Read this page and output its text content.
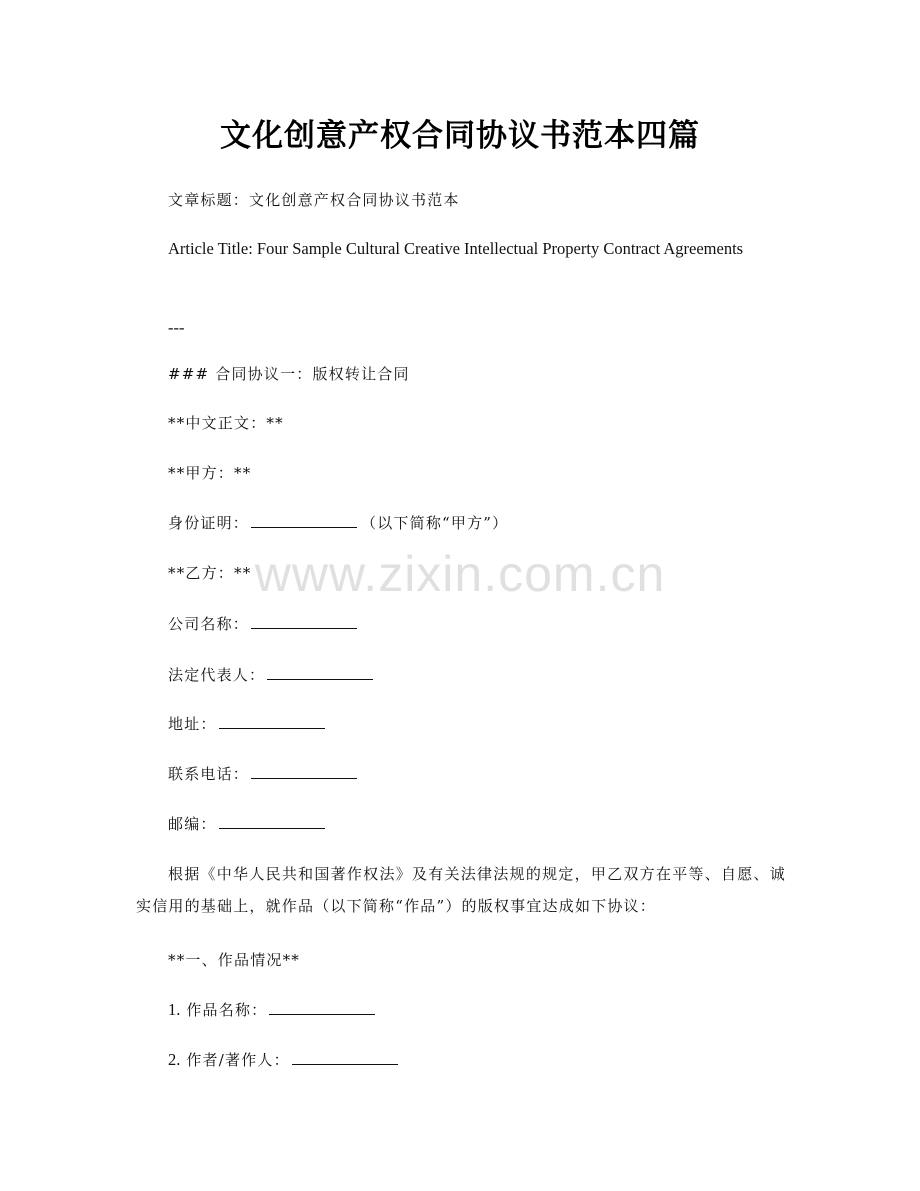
文化创意产权合同协议书范本四篇
文章标题：文化创意产权合同协议书范本
Article Title: Four Sample Cultural Creative Intellectual Property Contract Agreements
---
### 合同协议一：版权转让合同
**中文正文：**
**甲方：**
身份证明：	（以下简称“甲方”）
**乙方：**
公司名称：
法定代表人：
地址：
联系电话：
邮编：
根据《中华人民共和国著作权法》及有关法律法规的规定，甲乙双方在平等、自愿、诚实信用的基础上，就作品（以下简称“作品”）的版权事宜达成如下协议：
**一、作品情况**
1. 作品名称：
2. 作者/著作人：
www.zixin.com.cn
